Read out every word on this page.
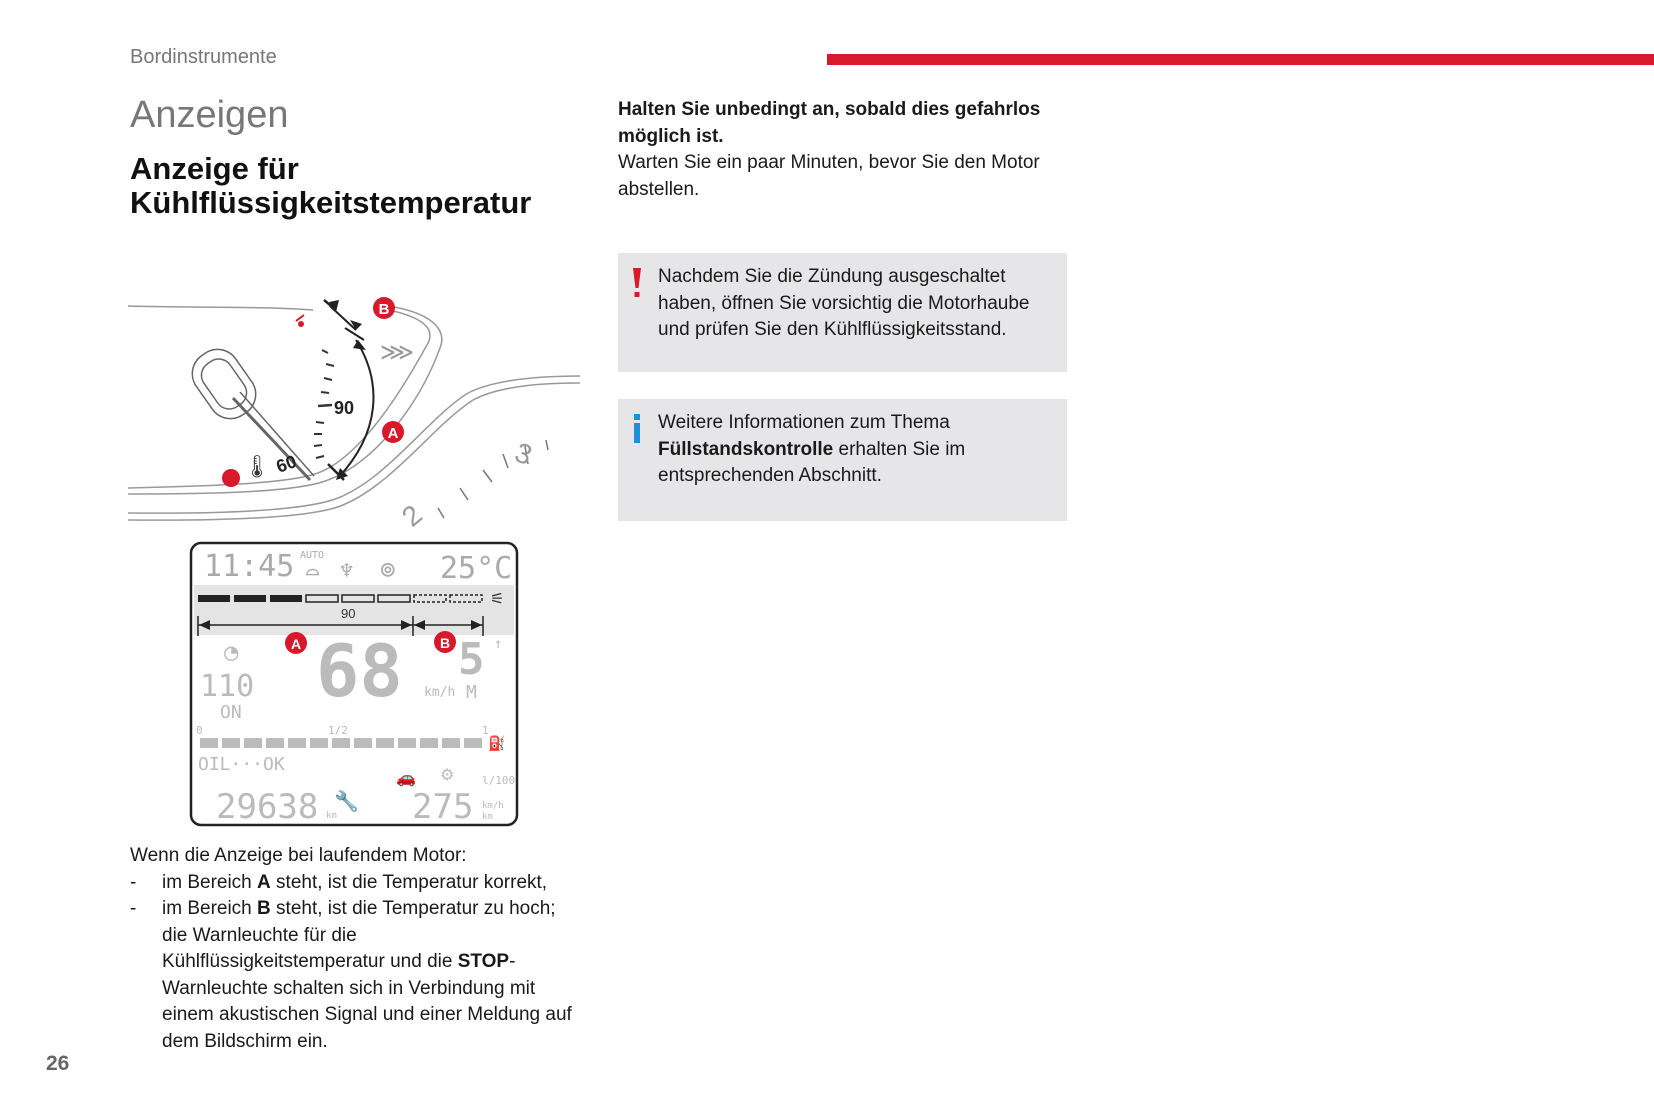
Bordinstrumente
Anzeigen
Anzeige für
Kühlflüssigkeitstemperatur
3
2
🌡
90
60
⋙
B
A
11:45 AUTO
⌓ ♆ ⊚ 25°C
⚟
90
A	B
◔ 68 5 ↑
km/h M
110
ON
0	1/2	1
OIL···OK
l/100
29638 km
🔧 275 km/h
km
⛽
🚗 ⚙
Wenn die Anzeige bei laufendem Motor:
- im Bereich A steht, ist die Temperatur korrekt,
- im Bereich B steht, ist die Temperatur zu hoch; die Warnleuchte für die Kühlflüssigkeitstemperatur und die STOP-Warnleuchte schalten sich in Verbindung mit einem akustischen Signal und einer Meldung auf dem Bildschirm ein.
26
Halten Sie unbedingt an, sobald dies gefahrlos möglich ist.
Warten Sie ein paar Minuten, bevor Sie den Motor abstellen.
Nachdem Sie die Zündung ausgeschaltet haben, öffnen Sie vorsichtig die Motorhaube und prüfen Sie den Kühlflüssigkeitsstand.
Weitere Informationen zum Thema Füllstandskontrolle erhalten Sie im entsprechenden Abschnitt.
